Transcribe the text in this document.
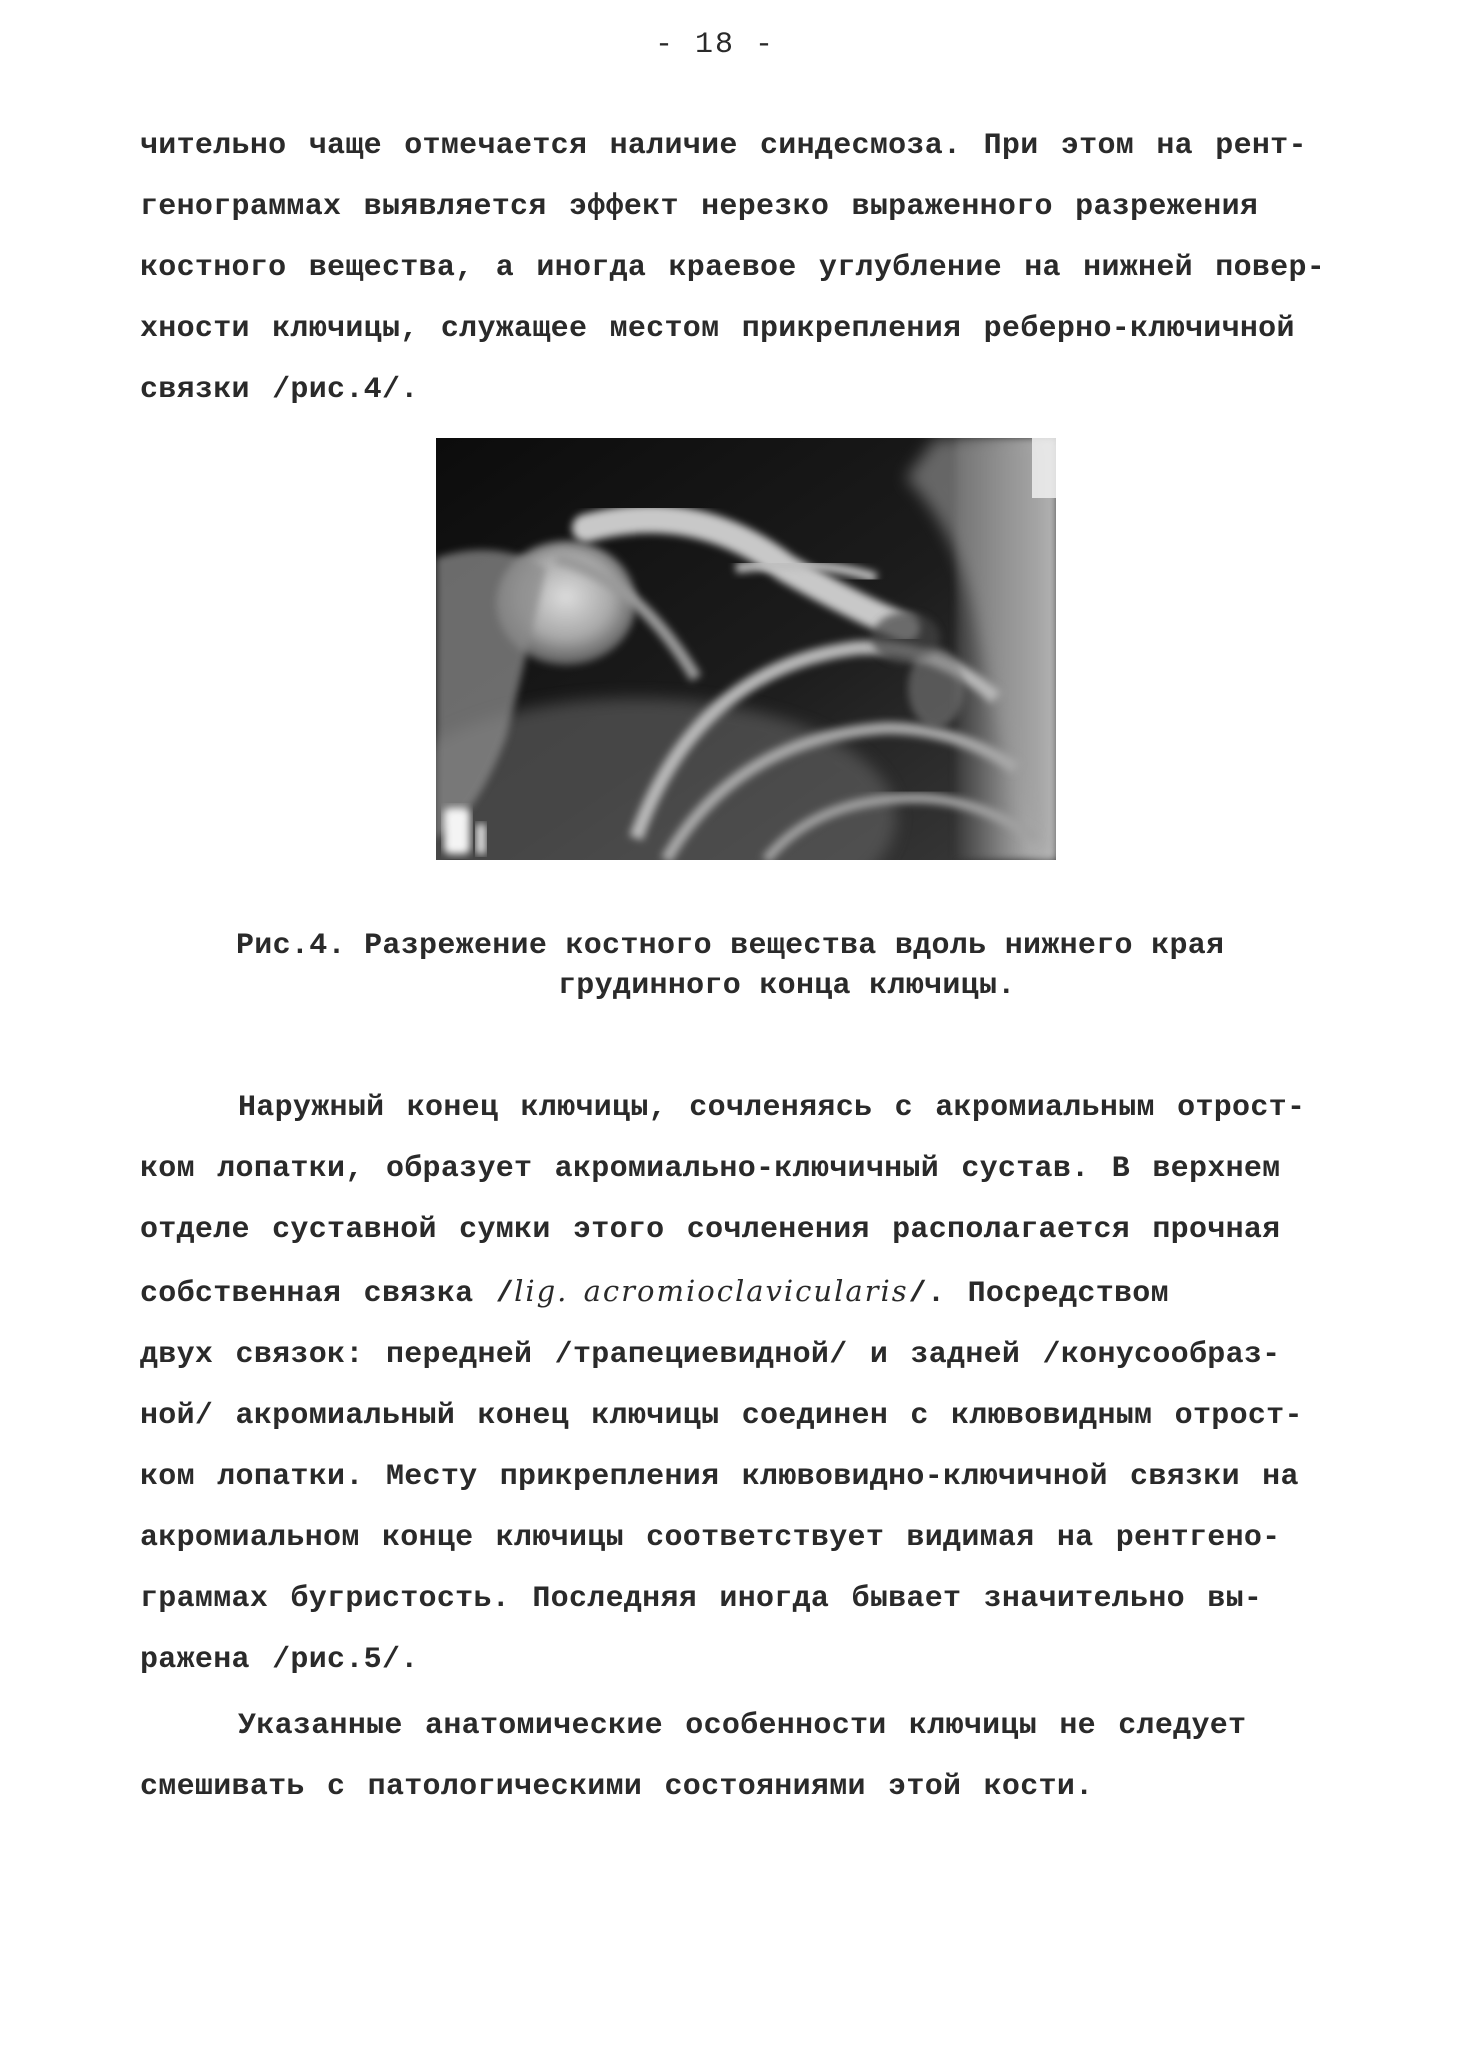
- 18 -
чительно чаще отмечается наличие синдесмоза. При этом на рент-
генограммах выявляется эффект нерезко выраженного разрежения
костного вещества, а иногда краевое углубление на нижней повер-
хности ключицы, служащее местом прикрепления реберно-ключичной
связки /рис.4/.
Рис.4. Разрежение костного вещества вдоль нижнего края
грудинного конца ключицы.
Наружный конец ключицы, сочленяясь с акромиальным отрост-
ком лопатки, образует акромиально-ключичный сустав. В верхнем
отделе суставной сумки этого сочленения располагается прочная
собственная связка /lig. acromioclavicularis/. Посредством
двух связок: передней /трапециевидной/ и задней /конусообраз-
ной/ акромиальный конец ключицы соединен с клювовидным отрост-
ком лопатки. Месту прикрепления клювовидно-ключичной связки на
акромиальном конце ключицы соответствует видимая на рентгено-
граммах бугристость. Последняя иногда бывает значительно вы-
ражена /рис.5/.
Указанные анатомические особенности ключицы не следует
смешивать с патологическими состояниями этой кости.
